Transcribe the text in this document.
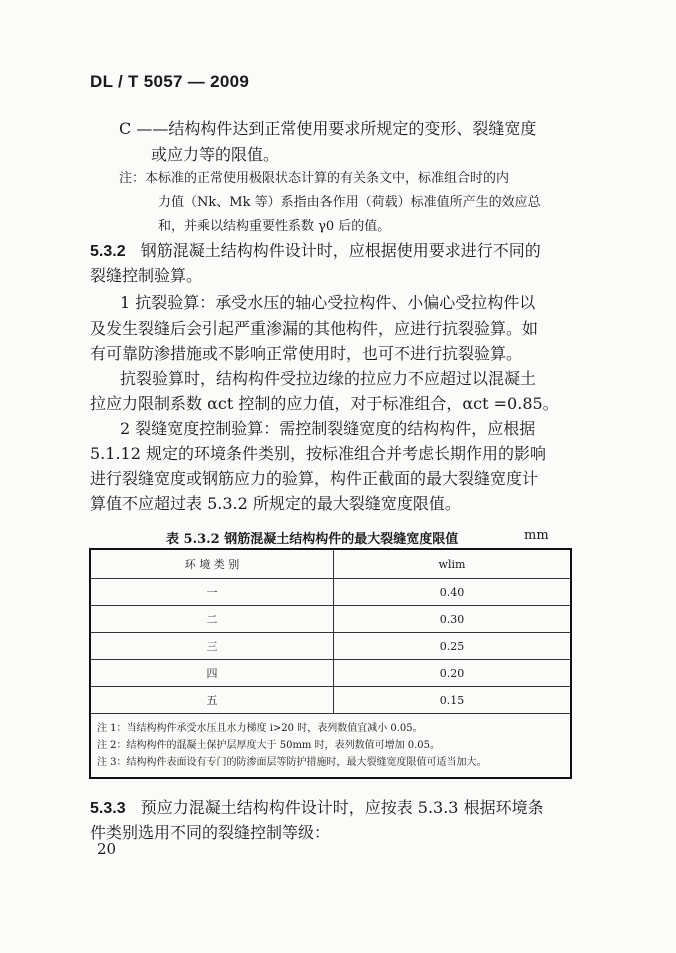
DL / T 5057 — 2009
C ——结构构件达到正常使用要求所规定的变形、裂缝宽度
或应力等的限值。
注：本标准的正常使用极限状态计算的有关条文中，标准组合时的内
力值（Nk、Mk 等）系指由各作用（荷载）标准值所产生的效应总
和，并乘以结构重要性系数 γ0 后的值。
5.3.2 钢筋混凝土结构构件设计时，应根据使用要求进行不同的
裂缝控制验算。
1 抗裂验算：承受水压的轴心受拉构件、小偏心受拉构件以
及发生裂缝后会引起严重渗漏的其他构件，应进行抗裂验算。如
有可靠防渗措施或不影响正常使用时，也可不进行抗裂验算。
抗裂验算时，结构构件受拉边缘的拉应力不应超过以混凝土
拉应力限制系数 αct 控制的应力值，对于标准组合，αct =0.85。
2 裂缝宽度控制验算：需控制裂缝宽度的结构构件，应根据
5.1.12 规定的环境条件类别，按标准组合并考虑长期作用的影响
进行裂缝宽度或钢筋应力的验算，构件正截面的最大裂缝宽度计
算值不应超过表 5.3.2 所规定的最大裂缝宽度限值。
表 5.3.2 钢筋混凝土结构构件的最大裂缝宽度限值	mm
环 境 类 别	wlim
一	0.40
二	0.30
三	0.25
四	0.20
五	0.15

注 1：当结构构件承受水压且水力梯度 i>20 时，表列数值宜减小 0.05。
注 2：结构构件的混凝土保护层厚度大于 50mm 时，表列数值可增加 0.05。
注 3：结构构件表面设有专门的防渗面层等防护措施时，最大裂缝宽度限值可适当加大。	
5.3.3 预应力混凝土结构构件设计时，应按表 5.3.3 根据环境条
件类别选用不同的裂缝控制等级：
20
